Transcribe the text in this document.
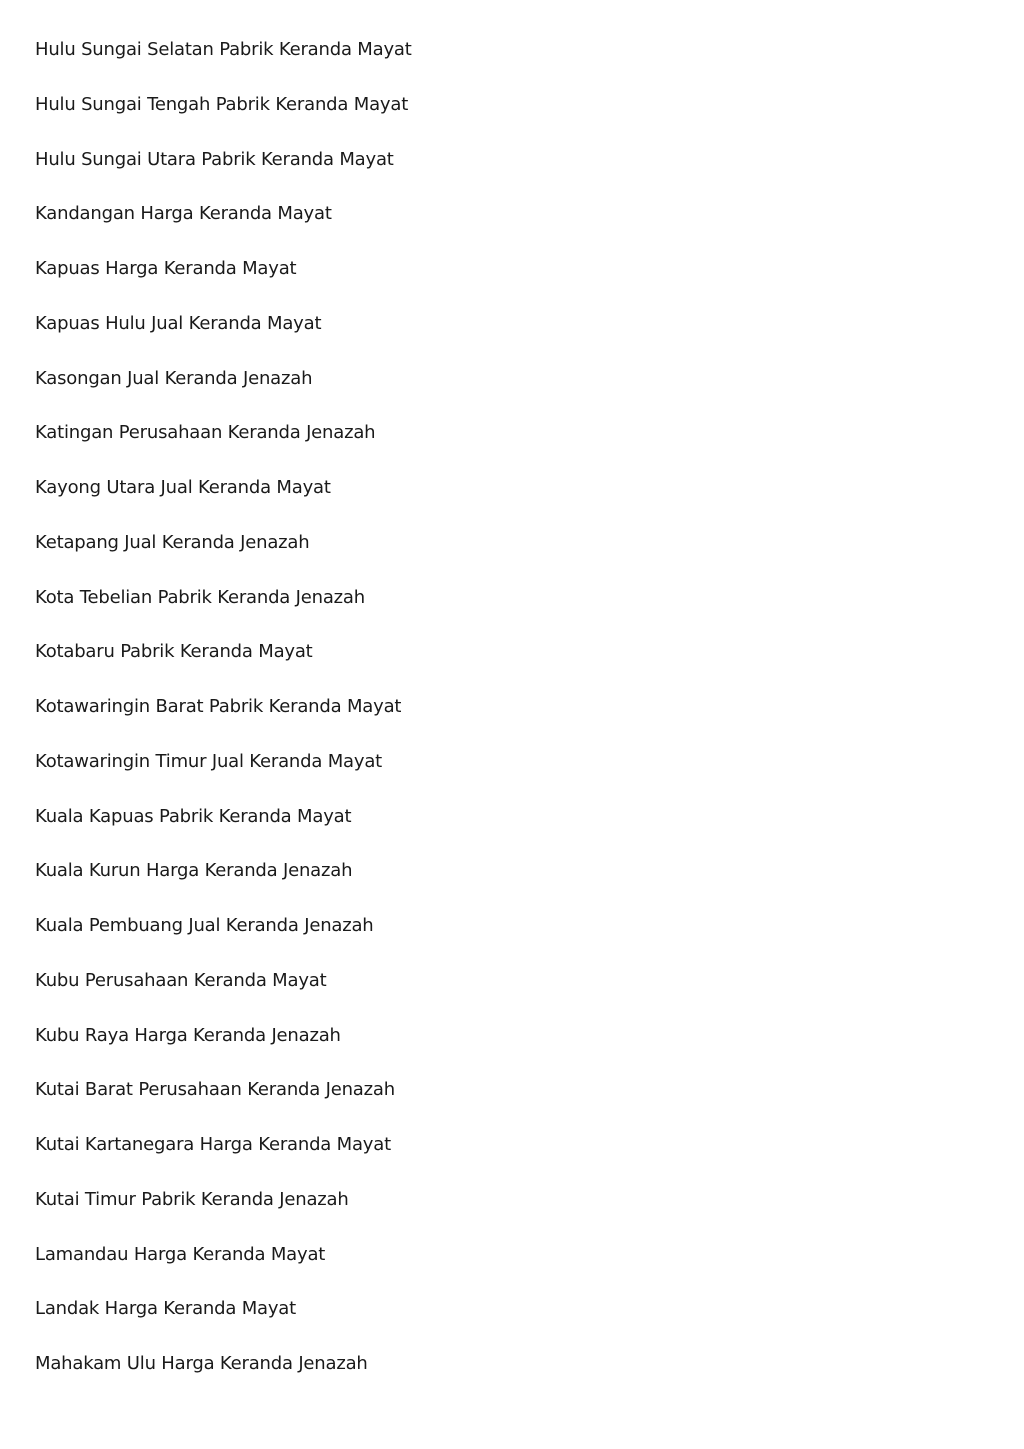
Hulu Sungai Selatan Pabrik Keranda Mayat
Hulu Sungai Tengah Pabrik Keranda Mayat
Hulu Sungai Utara Pabrik Keranda Mayat
Kandangan Harga Keranda Mayat
Kapuas Harga Keranda Mayat
Kapuas Hulu Jual Keranda Mayat
Kasongan Jual Keranda Jenazah
Katingan Perusahaan Keranda Jenazah
Kayong Utara Jual Keranda Mayat
Ketapang Jual Keranda Jenazah
Kota Tebelian Pabrik Keranda Jenazah
Kotabaru Pabrik Keranda Mayat
Kotawaringin Barat Pabrik Keranda Mayat
Kotawaringin Timur Jual Keranda Mayat
Kuala Kapuas Pabrik Keranda Mayat
Kuala Kurun Harga Keranda Jenazah
Kuala Pembuang Jual Keranda Jenazah
Kubu Perusahaan Keranda Mayat
Kubu Raya Harga Keranda Jenazah
Kutai Barat Perusahaan Keranda Jenazah
Kutai Kartanegara Harga Keranda Mayat
Kutai Timur Pabrik Keranda Jenazah
Lamandau Harga Keranda Mayat
Landak Harga Keranda Mayat
Mahakam Ulu Harga Keranda Jenazah
